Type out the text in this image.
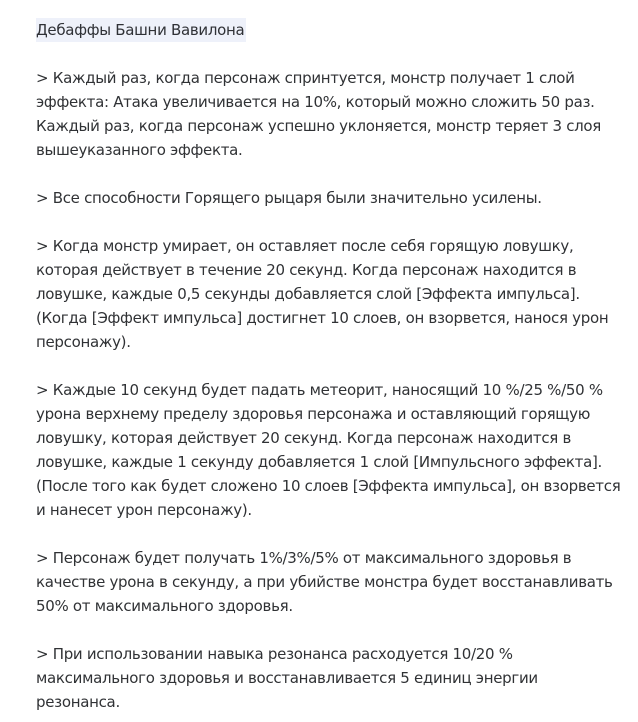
Дебаффы Башни Вавилона

> Каждый раз, когда персонаж спринтуется, монстр получает 1 слой
эффекта: Атака увеличивается на 10%, который можно сложить 50 раз.
Каждый раз, когда персонаж успешно уклоняется, монстр теряет 3 слоя
вышеуказанного эффекта.

> Все способности Горящего рыцаря были значительно усилены.

> Когда монстр умирает, он оставляет после себя горящую ловушку,
которая действует в течение 20 секунд. Когда персонаж находится в
ловушке, каждые 0,5 секунды добавляется слой [Эффекта импульса].
(Когда [Эффект импульса] достигнет 10 слоев, он взорвется, нанося урон
персонажу).

> Каждые 10 секунд будет падать метеорит, наносящий 10 %/25 %/50 %
урона верхнему пределу здоровья персонажа и оставляющий горящую
ловушку, которая действует 20 секунд. Когда персонаж находится в
ловушке, каждые 1 секунду добавляется 1 слой [Импульсного эффекта].
(После того как будет сложено 10 слоев [Эффекта импульса], он взорвется
и нанесет урон персонажу).

> Персонаж будет получать 1%/3%/5% от максимального здоровья в
качестве урона в секунду, а при убийстве монстра будет восстанавливать
50% от максимального здоровья.

> При использовании навыка резонанса расходуется 10/20 %
максимального здоровья и восстанавливается 5 единиц энергии
резонанса.
